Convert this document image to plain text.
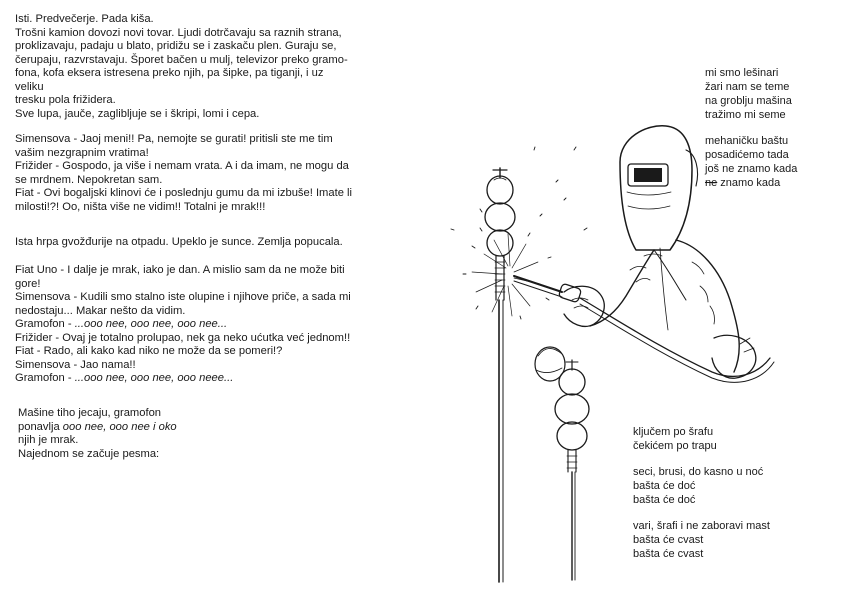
Isti. Predvečerje. Pada kiša.

Trošni kamion dovozi novi tovar. Ljudi dotrčavaju sa raznih strana,

proklizavaju, padaju u blato, pridižu se i zaskaču plen. Guraju se,

čerupaju, razvrstavaju. Šporet bačen u mulj, televizor preko gramo-

fona, kofa eksera istresena preko njih, pa šipke, pa tiganji, i uz veliku

tresku pola frižidera.

Sve lupa, jauče, zaglibljuje se i škripi, lomi i cepa.

Simensova - Jaoj meni!! Pa, nemojte se gurati! pritisli ste me tim

vašim nezgrapnim vratima!

Frižider - Gospodo, ja više i nemam vrata. A i da imam, ne mogu da

se mrdnem. Nepokretan sam.

Fiat - Ovi bogaljski klinovi će i poslednju gumu da mi izbuše! Imate li

milosti!?! Oo, ništa više ne vidim!! Totalni je mrak!!!

Ista hrpa gvožđurije na otpadu. Upeklo je sunce. Zemlja popucala.

Fiat Uno - I dalje je mrak, iako je dan. A mislio sam da ne može biti

gore!

Simensova - Kudili smo stalno iste olupine i njihove priče, a sada mi

nedostaju... Makar nešto da vidim.

Gramofon - ...ooo nee, ooo nee, ooo nee...

Frižider - Ovaj je totalno prolupao, nek ga neko ućutka već jednom!!

Fiat - Rado, ali kako kad niko ne može da se pomeri!?

Simensova - Jao nama!!

Gramofon - ...ooo nee, ooo nee, ooo neee...

Mašine tiho jecaju, gramofon

ponavlja ooo nee, ooo nee i oko

njih je mrak.

Najednom se začuje pesma:

mi smo lešinari

žari nam se teme

na groblju mašina

tražimo mi seme

mehaničku baštu

posadićemo tada

još ne znamo kada

ne znamo kada

ključem po šrafu

čekićem po trapu

seci, brusi, do kasno u noć

bašta će doć

bašta će doć

vari, šrafi i ne zaboravi mast

bašta će cvast

bašta će cvast
